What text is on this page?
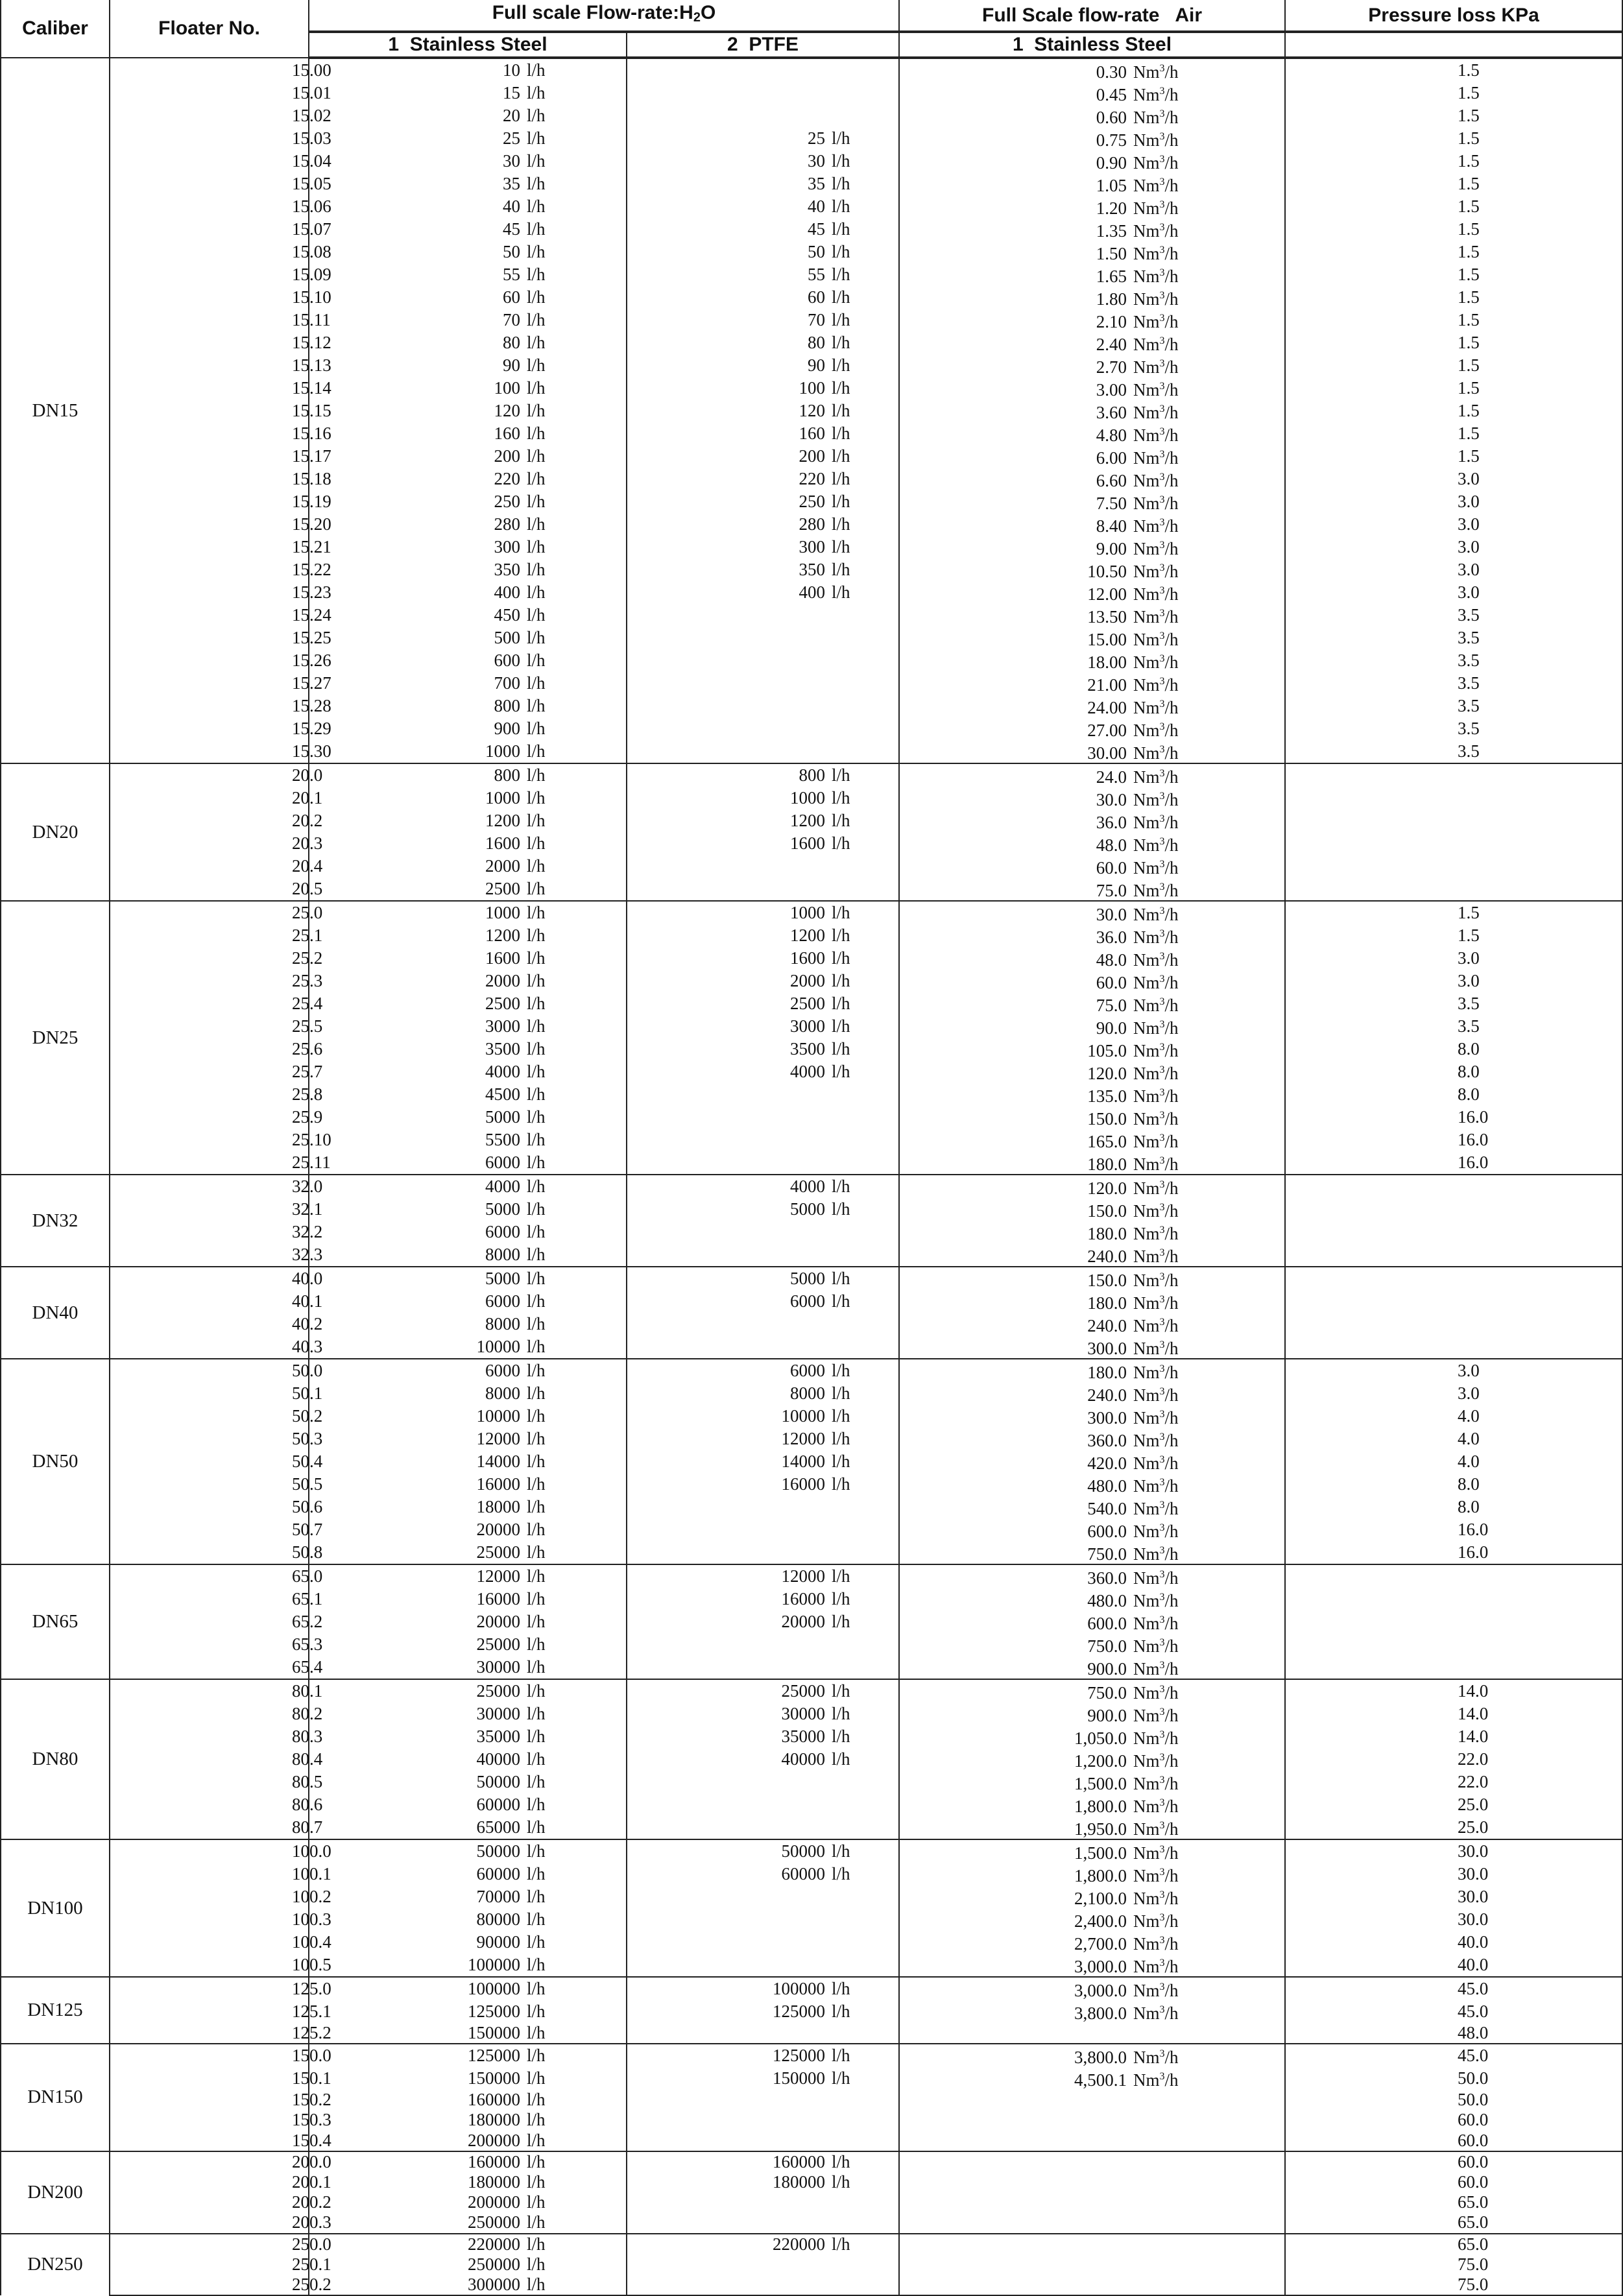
Caliber	Floater No.	Full scale Flow-$rate:H_2O$		Full Scale flow-rate   Air	Pressure loss KPa
		1  Stainless Steel	2  PTFE	1  Stainless Steel	
DN15	15.00	10 l/h		0.30 Nm$^3$/h	1.5
	15.01	15 l/h		0.45 Nm$^3$/h	1.5
	15.02	20 l/h		0.60 Nm$^3$/h	1.5
	15.03	25 l/h	25 l/h	0.75 Nm$^3$/h	1.5
	15.04	30 l/h	30 l/h	0.90 Nm$^3$/h	1.5
	15.05	35 l/h	35 l/h	1.05 Nm$^3$/h	1.5
	15.06	40 l/h	40 l/h	1.20 Nm$^3$/h	1.5
	15.07	45 l/h	45 l/h	1.35 Nm$^3$/h	1.5
	15.08	50 l/h	50 l/h	1.50 Nm$^3$/h	1.5
	15.09	55 l/h	55 l/h	1.65 Nm$^3$/h	1.5
	15.10	60 l/h	60 l/h	1.80 Nm$^3$/h	1.5
	15.11	70 l/h	70 l/h	2.10 Nm$^3$/h	1.5
	15.12	80 l/h	80 l/h	2.40 Nm$^3$/h	1.5
	15.13	90 l/h	90 l/h	2.70 Nm$^3$/h	1.5
	15.14	100 l/h	100 l/h	3.00 Nm$^3$/h	1.5
	15.15	120 l/h	120 l/h	3.60 Nm$^3$/h	1.5
	15.16	160 l/h	160 l/h	4.80 Nm$^3$/h	1.5
	15.17	200 l/h	200 l/h	6.00 Nm$^3$/h	1.5
	15.18	220 l/h	220 l/h	6.60 Nm$^3$/h	3.0
	15.19	250 l/h	250 l/h	7.50 Nm$^3$/h	3.0
	15.20	280 l/h	280 l/h	8.40 Nm$^3$/h	3.0
	15.21	300 l/h	300 l/h	9.00 Nm$^3$/h	3.0
	15.22	350 l/h	350 l/h	10.50 Nm$^3$/h	3.0
	15.23	400 l/h	400 l/h	12.00 Nm$^3$/h	3.0
	15.24	450 l/h		13.50 Nm$^3$/h	3.5
	15.25	500 l/h		15.00 Nm$^3$/h	3.5
	15.26	600 l/h		18.00 Nm$^3$/h	3.5
	15.27	700 l/h		21.00 Nm$^3$/h	3.5
	15.28	800 l/h		24.00 Nm$^3$/h	3.5
	15.29	900 l/h		27.00 Nm$^3$/h	3.5
	15.30	1000 l/h		30.00 Nm$^3$/h	3.5
DN20	20.0	800 l/h	800 l/h	24.0 Nm$^3$/h	
	20.1	1000 l/h	1000 l/h	30.0 Nm$^3$/h	
	20.2	1200 l/h	1200 l/h	36.0 Nm$^3$/h	
	20.3	1600 l/h	1600 l/h	48.0 Nm$^3$/h	
	20.4	2000 l/h		60.0 Nm$^3$/h	
	20.5	2500 l/h		75.0 Nm$^3$/h	
DN25	25.0	1000 l/h	1000 l/h	30.0 Nm$^3$/h	1.5
	25.1	1200 l/h	1200 l/h	36.0 Nm$^3$/h	1.5
	25.2	1600 l/h	1600 l/h	48.0 Nm$^3$/h	3.0
	25.3	2000 l/h	2000 l/h	60.0 Nm$^3$/h	3.0
	25.4	2500 l/h	2500 l/h	75.0 Nm$^3$/h	3.5
	25.5	3000 l/h	3000 l/h	90.0 Nm$^3$/h	3.5
	25.6	3500 l/h	3500 l/h	105.0 Nm$^3$/h	8.0
	25.7	4000 l/h	4000 l/h	120.0 Nm$^3$/h	8.0
	25.8	4500 l/h		135.0 Nm$^3$/h	8.0
	25.9	5000 l/h		150.0 Nm$^3$/h	16.0
	25.10	5500 l/h		165.0 Nm$^3$/h	16.0
	25.11	6000 l/h		180.0 Nm$^3$/h	16.0
DN32	32.0	4000 l/h	4000 l/h	120.0 Nm$^3$/h	
	32.1	5000 l/h	5000 l/h	150.0 Nm$^3$/h	
	32.2	6000 l/h		180.0 Nm$^3$/h	
	32.3	8000 l/h		240.0 Nm$^3$/h	
DN40	40.0	5000 l/h	5000 l/h	150.0 Nm$^3$/h	
	40.1	6000 l/h	6000 l/h	180.0 Nm$^3$/h	
	40.2	8000 l/h		240.0 Nm$^3$/h	
	40.3	10000 l/h		300.0 Nm$^3$/h	
DN50	50.0	6000 l/h	6000 l/h	180.0 Nm$^3$/h	3.0
	50.1	8000 l/h	8000 l/h	240.0 Nm$^3$/h	3.0
	50.2	10000 l/h	10000 l/h	300.0 Nm$^3$/h	4.0
	50.3	12000 l/h	12000 l/h	360.0 Nm$^3$/h	4.0
	50.4	14000 l/h	14000 l/h	420.0 Nm$^3$/h	4.0
	50.5	16000 l/h	16000 l/h	480.0 Nm$^3$/h	8.0
	50.6	18000 l/h		540.0 Nm$^3$/h	8.0
	50.7	20000 l/h		600.0 Nm$^3$/h	16.0
	50.8	25000 l/h		750.0 Nm$^3$/h	16.0
DN65	65.0	12000 l/h	12000 l/h	360.0 Nm$^3$/h	
	65.1	16000 l/h	16000 l/h	480.0 Nm$^3$/h	
	65.2	20000 l/h	20000 l/h	600.0 Nm$^3$/h	
	65.3	25000 l/h		750.0 Nm$^3$/h	
	65.4	30000 l/h		900.0 Nm$^3$/h	
DN80	80.1	25000 l/h	25000 l/h	750.0 Nm$^3$/h	14.0
	80.2	30000 l/h	30000 l/h	900.0 Nm$^3$/h	14.0
	80.3	35000 l/h	35000 l/h	1,050.0 Nm$^3$/h	14.0
	80.4	40000 l/h	40000 l/h	1,200.0 Nm$^3$/h	22.0
	80.5	50000 l/h		1,500.0 Nm$^3$/h	22.0
	80.6	60000 l/h		1,800.0 Nm$^3$/h	25.0
	80.7	65000 l/h		1,950.0 Nm$^3$/h	25.0
DN100	100.0	50000 l/h	50000 l/h	1,500.0 Nm$^3$/h	30.0
	100.1	60000 l/h	60000 l/h	1,800.0 Nm$^3$/h	30.0
	100.2	70000 l/h		2,100.0 Nm$^3$/h	30.0
	100.3	80000 l/h		2,400.0 Nm$^3$/h	30.0
	100.4	90000 l/h		2,700.0 Nm$^3$/h	40.0
	100.5	100000 l/h		3,000.0 Nm$^3$/h	40.0
DN125	125.0	100000 l/h	100000 l/h	3,000.0 Nm$^3$/h	45.0
	125.1	125000 l/h	125000 l/h	3,800.0 Nm$^3$/h	45.0
	125.2	150000 l/h			48.0
DN150	150.0	125000 l/h	125000 l/h	3,800.0 Nm$^3$/h	45.0
	150.1	150000 l/h	150000 l/h	4,500.1 Nm$^3$/h	50.0
	150.2	160000 l/h			50.0
	150.3	180000 l/h			60.0
	150.4	200000 l/h			60.0
DN200	200.0	160000 l/h	160000 l/h		60.0
	200.1	180000 l/h	180000 l/h		60.0
	200.2	200000 l/h			65.0
	200.3	250000 l/h			65.0
DN250	250.0	220000 l/h	220000 l/h		65.0
	250.1	250000 l/h			75.0
	250.2	300000 l/h			75.0
